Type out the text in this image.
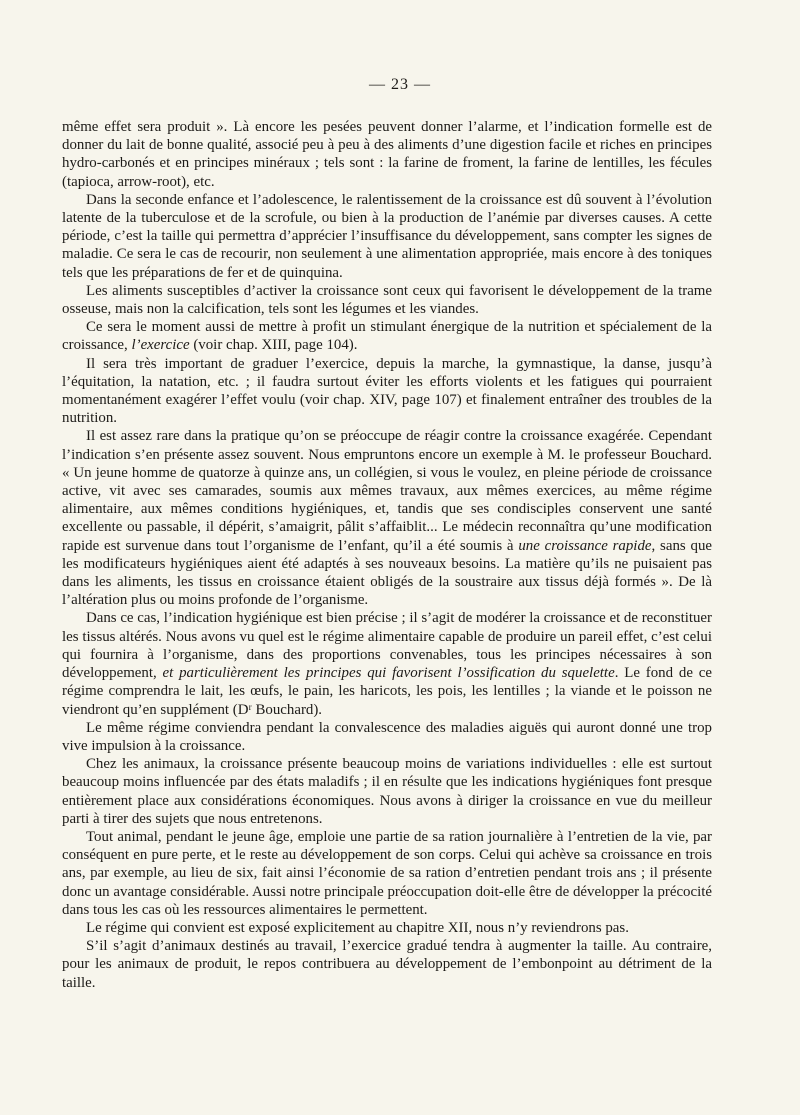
— 23 —

même effet sera produit ». Là encore les pesées peuvent donner l’alarme, et l’indication formelle est de donner du lait de bonne qualité, associé peu à peu à des aliments d’une digestion facile et riches en principes hydro-carbonés et en principes minéraux ; tels sont : la farine de froment, la farine de lentilles, les fécules (tapioca, arrow-root), etc.

Dans la seconde enfance et l’adolescence, le ralentissement de la croissance est dû souvent à l’évolution latente de la tuberculose et de la scrofule, ou bien à la production de l’anémie par diverses causes. A cette période, c’est la taille qui permettra d’apprécier l’insuffisance du développement, sans compter les signes de maladie. Ce sera le cas de recourir, non seulement à une alimentation appropriée, mais encore à des toniques tels que les préparations de fer et de quinquina.

Les aliments susceptibles d’activer la croissance sont ceux qui favorisent le développement de la trame osseuse, mais non la calcification, tels sont les légumes et les viandes.

Ce sera le moment aussi de mettre à profit un stimulant énergique de la nutrition et spécialement de la croissance, l’exercice (voir chap. XIII, page 104).

Il sera très important de graduer l’exercice, depuis la marche, la gymnastique, la danse, jusqu’à l’équitation, la natation, etc. ; il faudra surtout éviter les efforts violents et les fatigues qui pourraient momentanément exagérer l’effet voulu (voir chap. XIV, page 107) et finalement entraîner des troubles de la nutrition.

Il est assez rare dans la pratique qu’on se préoccupe de réagir contre la croissance exagérée. Cependant l’indication s’en présente assez souvent. Nous empruntons encore un exemple à M. le professeur Bouchard. « Un jeune homme de quatorze à quinze ans, un collégien, si vous le voulez, en pleine période de croissance active, vit avec ses camarades, soumis aux mêmes travaux, aux mêmes exercices, au même régime alimentaire, aux mêmes conditions hygiéniques, et, tandis que ses condisciples conservent une santé excellente ou passable, il dépérit, s’amaigrit, pâlit s’affaiblit... Le médecin reconnaîtra qu’une modification rapide est survenue dans tout l’organisme de l’enfant, qu’il a été soumis à une croissance rapide, sans que les modificateurs hygiéniques aient été adaptés à ses nouveaux besoins. La matière qu’ils ne puisaient pas dans les aliments, les tissus en croissance étaient obligés de la soustraire aux tissus déjà formés ». De là l’altération plus ou moins profonde de l’organisme.

Dans ce cas, l’indication hygiénique est bien précise ; il s’agit de modérer la croissance et de reconstituer les tissus altérés. Nous avons vu quel est le régime alimentaire capable de produire un pareil effet, c’est celui qui fournira à l’organisme, dans des proportions convenables, tous les principes nécessaires à son développement, et particulièrement les principes qui favorisent l’ossification du squelette. Le fond de ce régime comprendra le lait, les œufs, le pain, les haricots, les pois, les lentilles ; la viande et le poisson ne viendront qu’en supplément (Dʳ Bouchard).

Le même régime conviendra pendant la convalescence des maladies aiguës qui auront donné une trop vive impulsion à la croissance.

Chez les animaux, la croissance présente beaucoup moins de variations individuelles : elle est surtout beaucoup moins influencée par des états maladifs ; il en résulte que les indications hygiéniques font presque entièrement place aux considérations économiques. Nous avons à diriger la croissance en vue du meilleur parti à tirer des sujets que nous entretenons.

Tout animal, pendant le jeune âge, emploie une partie de sa ration journalière à l’entretien de la vie, par conséquent en pure perte, et le reste au développement de son corps. Celui qui achève sa croissance en trois ans, par exemple, au lieu de six, fait ainsi l’économie de sa ration d’entretien pendant trois ans ; il présente donc un avantage considérable. Aussi notre principale préoccupation doit-elle être de développer la précocité dans tous les cas où les ressources alimentaires le permettent.

Le régime qui convient est exposé explicitement au chapitre XII, nous n’y reviendrons pas.

S’il s’agit d’animaux destinés au travail, l’exercice gradué tendra à augmenter la taille. Au contraire, pour les animaux de produit, le repos contribuera au développement de l’embonpoint au détriment de la taille.
